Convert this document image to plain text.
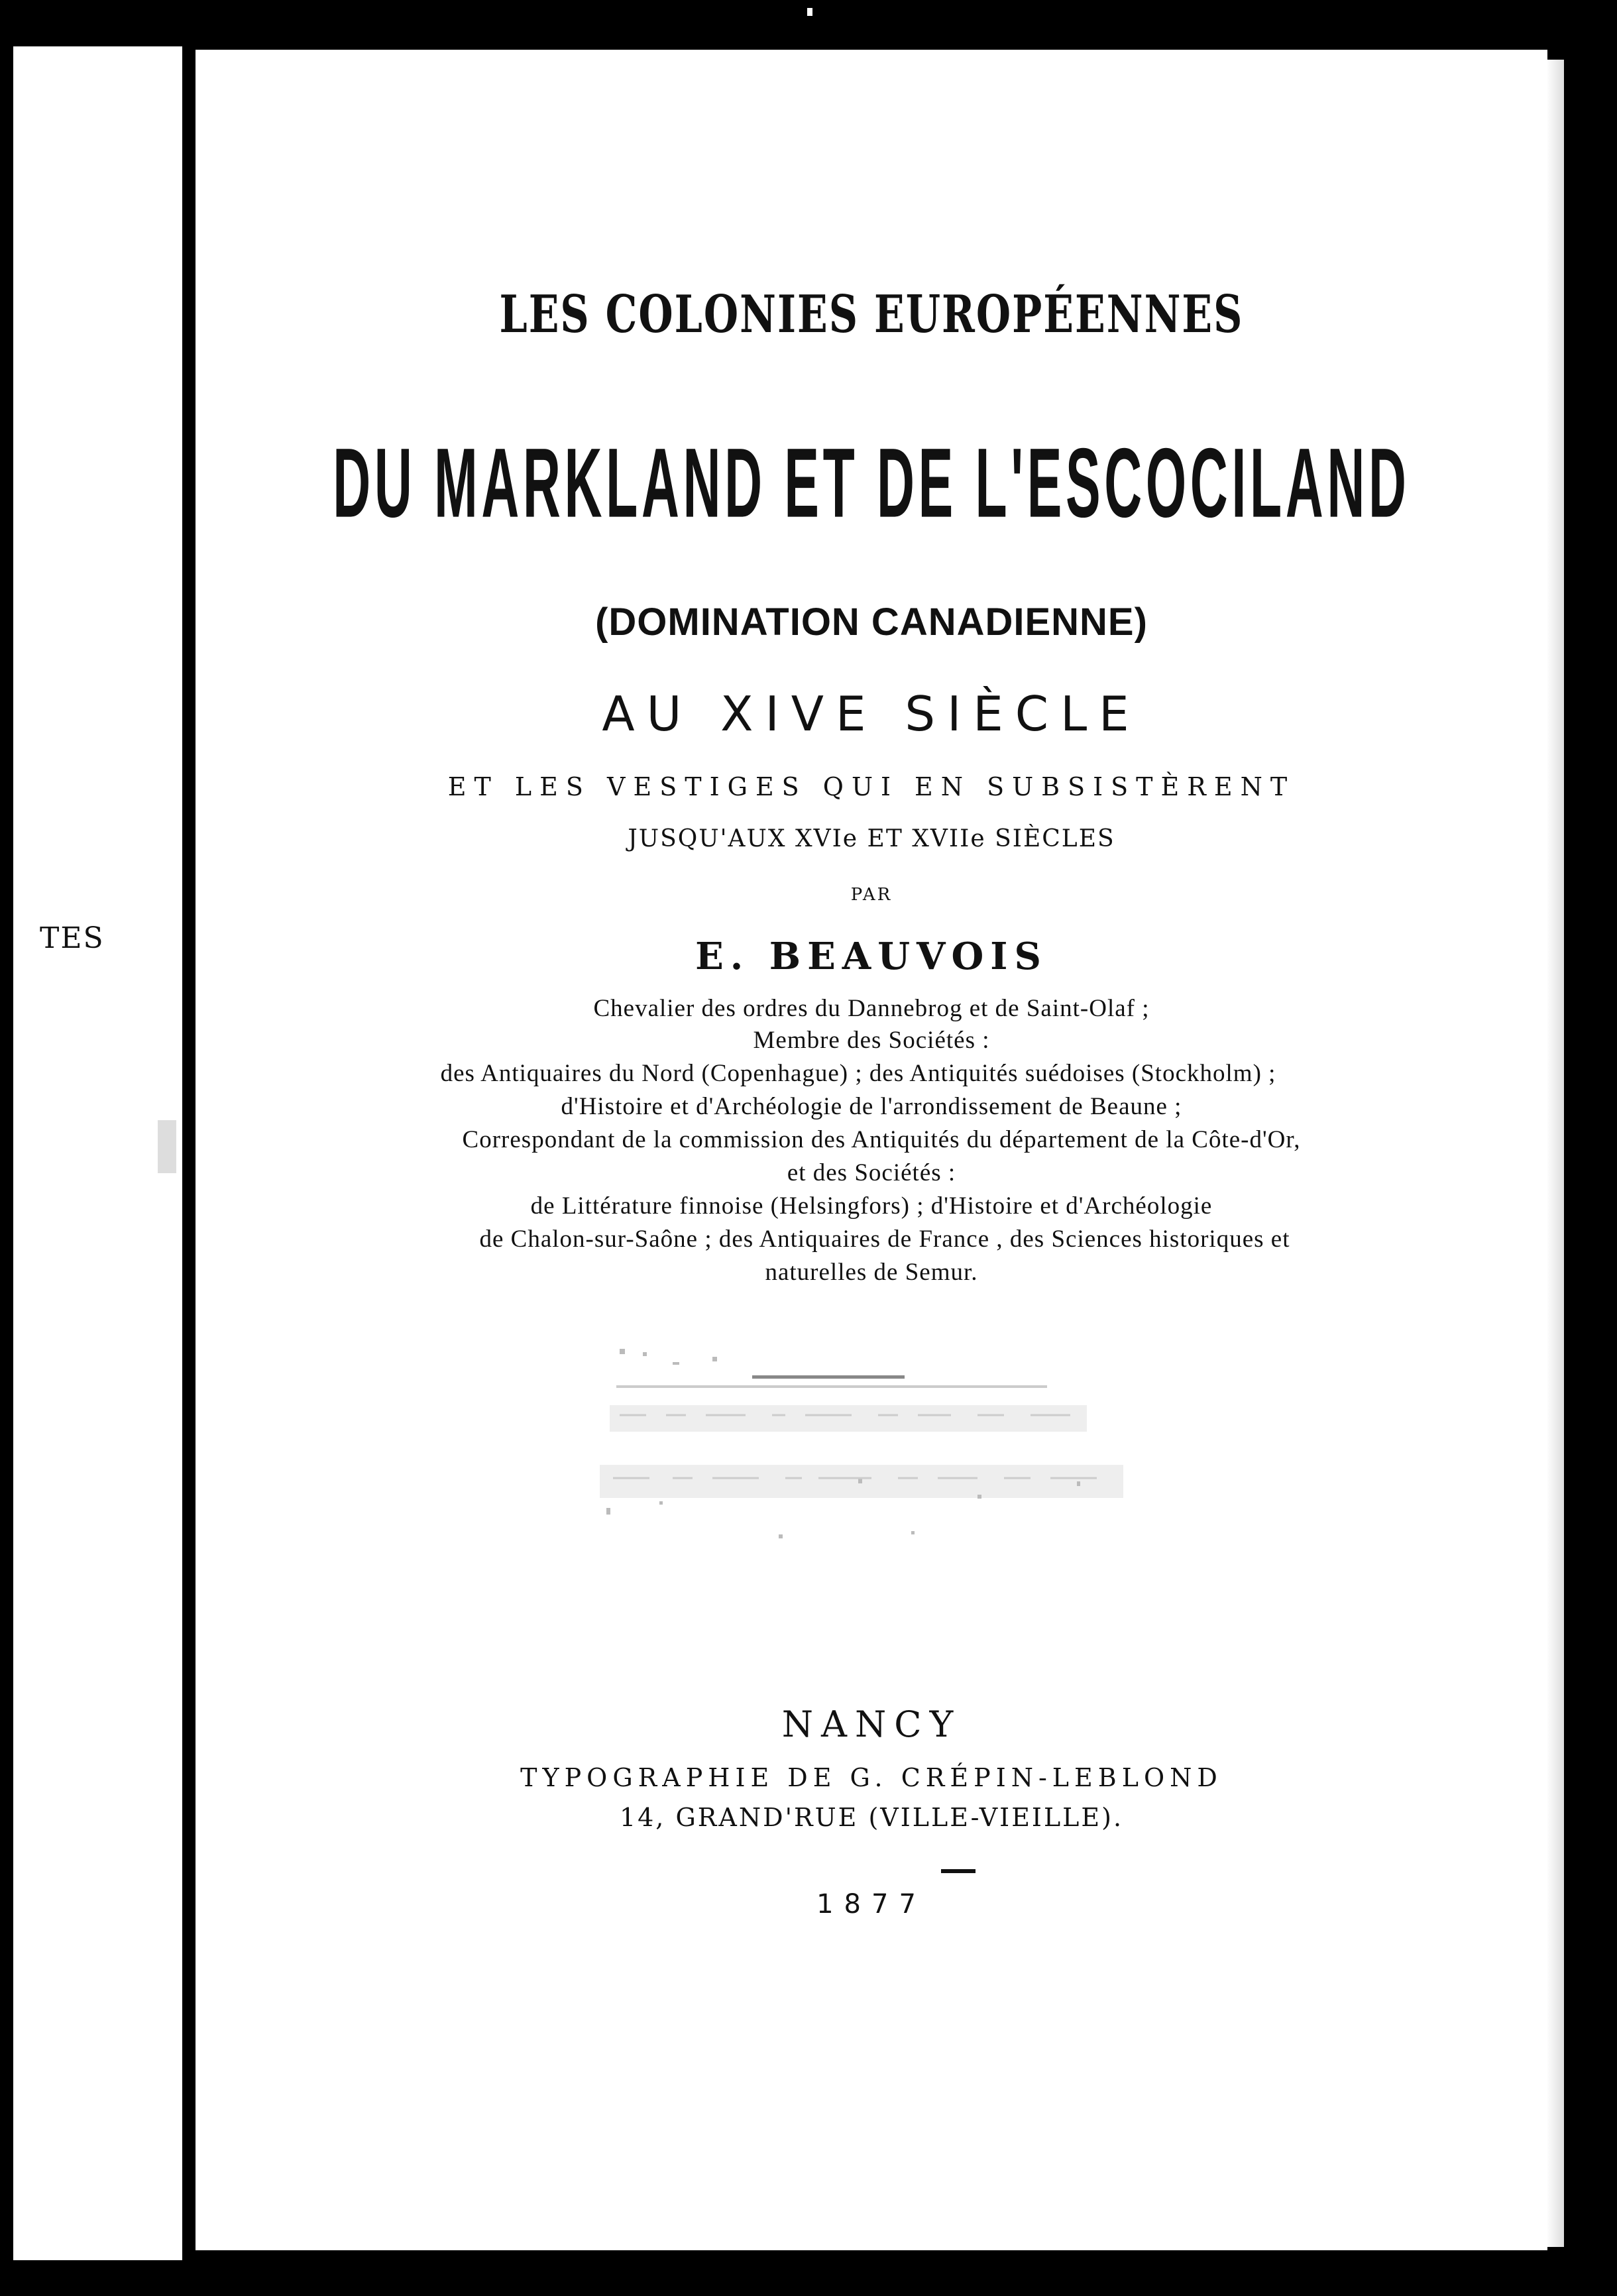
TES
LES COLONIES EUROPÉENNES
DU MARKLAND ET DE L'ESCOCILAND
(DOMINATION CANADIENNE)
AU XIVE SIÈCLE
ET LES VESTIGES QUI EN SUBSISTÈRENT
JUSQU'AUX XVIe ET XVIIe SIÈCLES
PAR
E. BEAUVOIS
Chevalier des ordres du Dannebrog et de Saint-Olaf ;
Membre des Sociétés :
des Antiquaires du Nord (Copenhague) ; des Antiquités suédoises (Stockholm) ;
d'Histoire et d'Archéologie de l'arrondissement de Beaune ;
Correspondant de la commission des Antiquités du département de la Côte-d'Or,
et des Sociétés :
de Littérature finnoise (Helsingfors) ; d'Histoire et d'Archéologie
de Chalon-sur-Saône ; des Antiquaires de France , des Sciences historiques et
naturelles de Semur.
NANCY
TYPOGRAPHIE DE G. CRÉPIN-LEBLOND
14, GRAND'RUE (VILLE-VIEILLE).
1877
